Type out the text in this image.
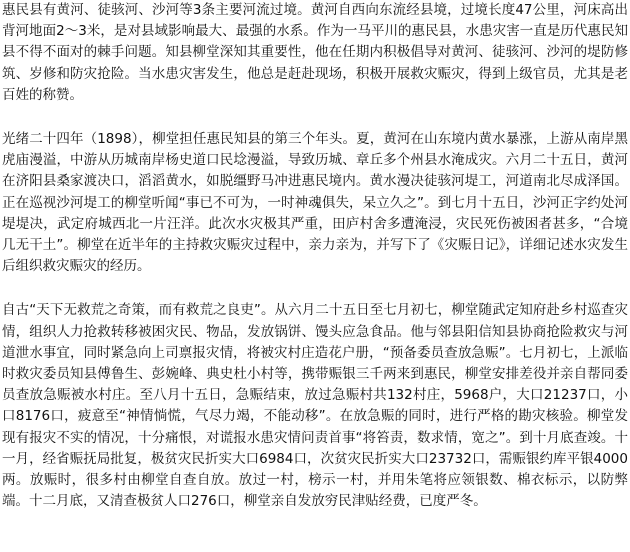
惠民县有黄河、徒骇河、沙河等3条主要河流过境。黄河自西向东流经县境，过境长度47公里，河床高出背河地面2～3米，是对县域影响最大、最强的水系。作为一马平川的惠民县，水患灾害一直是历代惠民知县不得不面对的棘手问题。知县柳堂深知其重要性，他在任期内积极倡导对黄河、徒骇河、沙河的堤防修筑、岁修和防灾抢险。当水患灾害发生，他总是赶赴现场，积极开展救灾赈灾，得到上级官员，尤其是老百姓的称赞。

光绪二十四年（1898），柳堂担任惠民知县的第三个年头。夏，黄河在山东境内黄水暴涨，上游从南岸黑虎庙漫溢，中游从历城南岸杨史道口民埝漫溢，导致历城、章丘多个州县水淹成灾。六月二十五日，黄河在济阳县桑家渡决口，滔滔黄水，如脱缰野马冲进惠民境内。黄水漫决徒骇河堤工，河道南北尽成泽国。正在巡视沙河堤工的柳堂听闻“事已不可为，一时神魂俱失，呆立久之”。到七月十五日，沙河正字约处河堤堤决，武定府城西北一片汪洋。此次水灾极其严重，田庐村舍多遭淹浸，灾民死伤被困者甚多，“合境几无干土”。柳堂在近半年的主持救灾赈灾过程中，亲力亲为，并写下了《灾赈日记》，详细记述水灾发生后组织救灾赈灾的经历。

自古“天下无救荒之奇策，而有救荒之良吏”。从六月二十五日至七月初七，柳堂随武定知府赴乡村巡查灾情，组织人力抢救转移被困灾民、物品，发放锅饼、馒头应急食品。他与邻县阳信知县协商抢险救灾与河道泄水事宜，同时紧急向上司禀报灾情，将被灾村庄造花户册，“预备委员查放急赈”。七月初七，上派临时救灾委员知县傅鲁生、彭婉峰、典史杜小村等，携带赈银三千两来到惠民，柳堂安排差役并亲自帮同委员查放急赈被水村庄。至八月十五日，急赈结束，放过急赈村共132村庄，5968户，大口21237口，小口8176口，疲意至“神情惝慌，气尽力竭，不能动移”。在放急赈的同时，进行严格的勘灾核验。柳堂发现有报灾不实的情况，十分痛恨，对谎报水患灾情问责首事“将笞责，数求情，宽之”。到十月底查竣。十一月，经省赈抚局批复，极贫灾民折实大口6984口，次贫灾民折实大口23732口，需赈银约库平银4000两。放赈时，很多村由柳堂自查自放。放过一村，榜示一村，并用朱笔将应领银数、棉衣标示，以防弊端。十二月底，又清查极贫人口276口，柳堂亲自发放穷民津贴经费，已度严冬。
